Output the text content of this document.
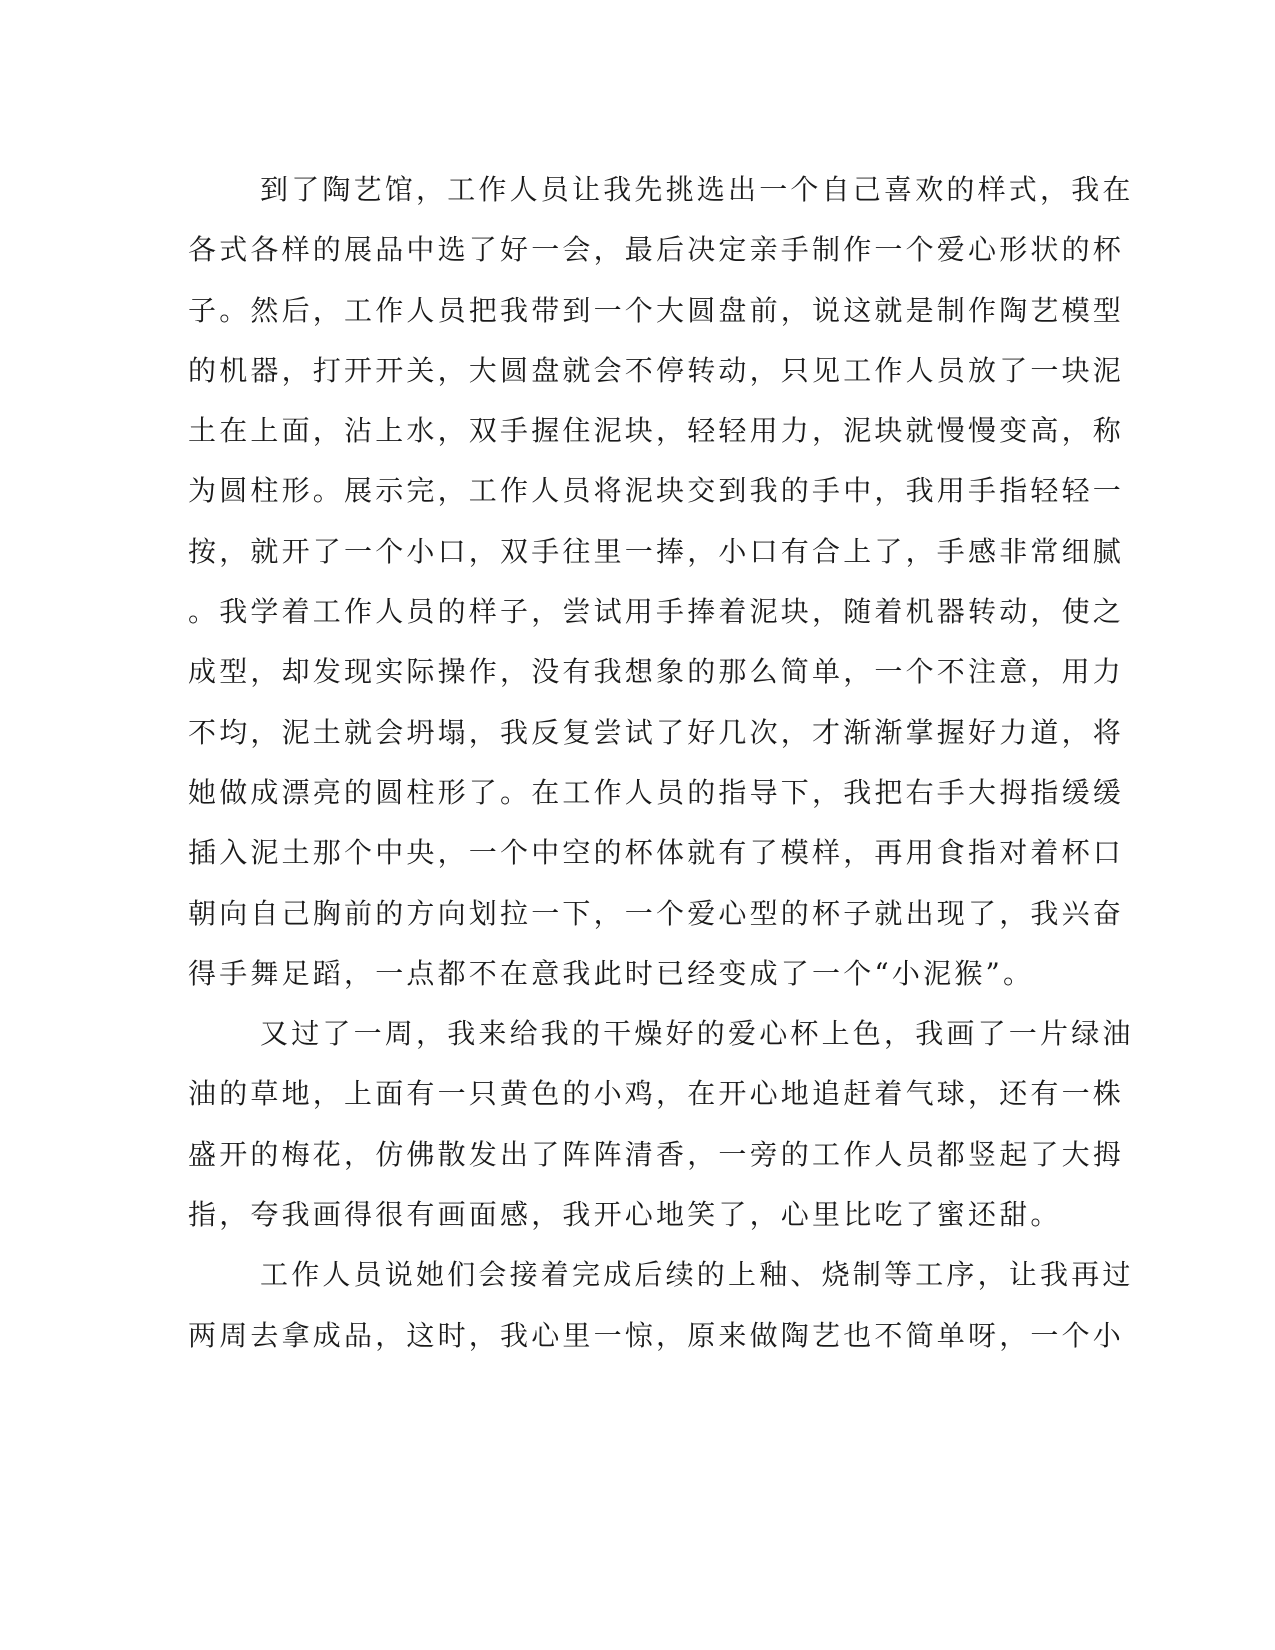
到了陶艺馆，工作人员让我先挑选出一个自己喜欢的样式，我在
各式各样的展品中选了好一会，最后决定亲手制作一个爱心形状的杯
子。然后，工作人员把我带到一个大圆盘前，说这就是制作陶艺模型
的机器，打开开关，大圆盘就会不停转动，只见工作人员放了一块泥
土在上面，沾上水，双手握住泥块，轻轻用力，泥块就慢慢变高，称
为圆柱形。展示完，工作人员将泥块交到我的手中，我用手指轻轻一
按，就开了一个小口，双手往里一捧，小口有合上了，手感非常细腻
。我学着工作人员的样子，尝试用手捧着泥块，随着机器转动，使之
成型，却发现实际操作，没有我想象的那么简单，一个不注意，用力
不均，泥土就会坍塌，我反复尝试了好几次，才渐渐掌握好力道，将
她做成漂亮的圆柱形了。在工作人员的指导下，我把右手大拇指缓缓
插入泥土那个中央，一个中空的杯体就有了模样，再用食指对着杯口
朝向自己胸前的方向划拉一下，一个爱心型的杯子就出现了，我兴奋
得手舞足蹈，一点都不在意我此时已经变成了一个“小泥猴”。
又过了一周，我来给我的干燥好的爱心杯上色，我画了一片绿油
油的草地，上面有一只黄色的小鸡，在开心地追赶着气球，还有一株
盛开的梅花，仿佛散发出了阵阵清香，一旁的工作人员都竖起了大拇
指，夸我画得很有画面感，我开心地笑了，心里比吃了蜜还甜。
工作人员说她们会接着完成后续的上釉、烧制等工序，让我再过
两周去拿成品，这时，我心里一惊，原来做陶艺也不简单呀，一个小
